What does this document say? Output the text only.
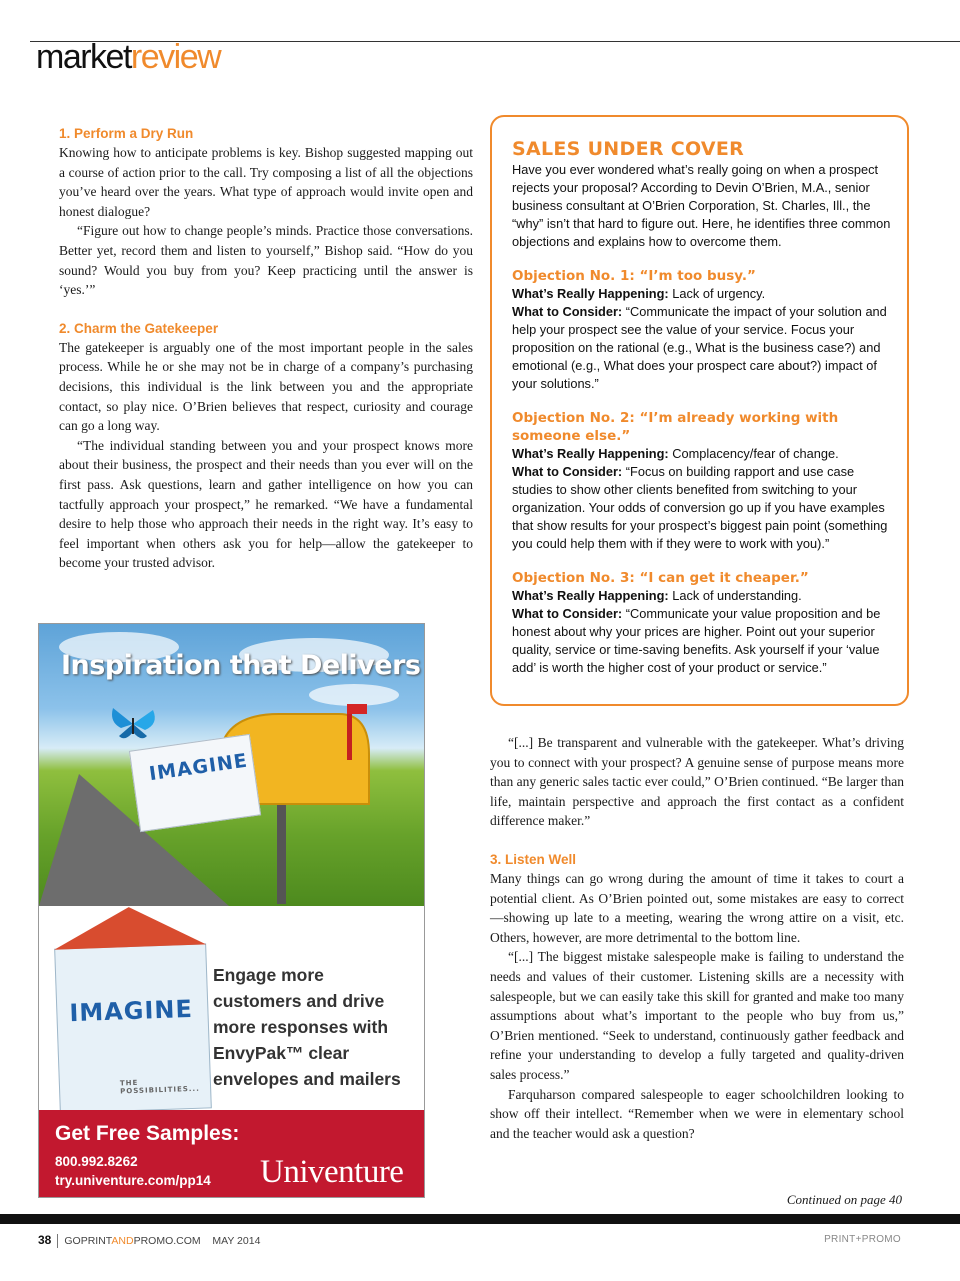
marketreview
1. Perform a Dry Run

Knowing how to anticipate problems is key. Bishop suggested mapping out a course of action prior to the call. Try composing a list of all the objections you’ve heard over the years. What type of approach would invite open and honest dialogue?

“Figure out how to change people’s minds. Practice those conversations. Better yet, record them and listen to yourself,” Bishop said. “How do you sound? Would you buy from you? Keep practicing until the answer is ‘yes.’”

2. Charm the Gatekeeper

The gatekeeper is arguably one of the most important people in the sales process. While he or she may not be in charge of a company’s purchasing decisions, this individual is the link between you and the appropriate contact, so play nice. O’Brien believes that respect, curiosity and courage can go a long way.

“The individual standing between you and your prospect knows more about their business, the prospect and their needs than you ever will on the first pass. Ask questions, learn and gather intelligence on how you can tactfully approach your prospect,” he remarked. “We have a fundamental desire to help those who approach their needs in the right way. It’s easy to feel important when others ask you for help—allow the gatekeeper to become your trusted advisor.

SALES UNDER COVER

Have you ever wondered what’s really going on when a prospect rejects your proposal? According to Devin O’Brien, M.A., senior business consultant at O’Brien Corporation, St. Charles, Ill., the “why” isn’t that hard to figure out. Here, he identifies three common objections and explains how to overcome them.

Objection No. 1: “I’m too busy.”

What’s Really Happening: Lack of urgency.

What to Consider: “Communicate the impact of your solution and help your prospect see the value of your service. Focus your proposition on the rational (e.g., What is the business case?) and emotional (e.g., What does your prospect care about?) impact of your solutions.”

Objection No. 2: “I’m already working with someone else.”

What’s Really Happening: Complacency/fear of change.

What to Consider: “Focus on building rapport and use case studies to show other clients benefited from switching to your organization. Your odds of conversion go up if you have examples that show results for your prospect’s biggest pain point (something you could help them with if they were to work with you).”

Objection No. 3: “I can get it cheaper.”

What’s Really Happening: Lack of understanding.

What to Consider: “Communicate your value proposition and be honest about why your prices are higher. Point out your superior quality, service or time-saving benefits. Ask yourself if your ‘value add’ is worth the higher cost of your product or service.”

Inspiration that Delivers
IMAGINE
IMAGINE
THE POSSIBILITIES...
Engage more customers and drive more responses with EnvyPak™ clear envelopes and mailers
Get Free Samples:
800.992.8262
try.univenture.com/pp14 Univenture

“[...] Be transparent and vulnerable with the gatekeeper. What’s driving you to connect with your prospect? A genuine sense of purpose means more than any generic sales tactic ever could,” O’Brien continued. “Be larger than life, maintain perspective and approach the first contact as a confident difference maker.”

3. Listen Well

Many things can go wrong during the amount of time it takes to court a potential client. As O’Brien pointed out, some mistakes are easy to correct—showing up late to a meeting, wearing the wrong attire on a visit, etc. Others, however, are more detrimental to the bottom line.

“[...] The biggest mistake salespeople make is failing to understand the needs and values of their customer. Listening skills are a necessity with salespeople, but we can easily take this skill for granted and make too many assumptions about what’s important to the people who buy from us,” O’Brien mentioned. “Seek to understand, continuously gather feedback and refine your understanding to develop a fully targeted and quality-driven sales process.”

Farquharson compared salespeople to eager schoolchildren looking to show off their intellect. “Remember when we were in elementary school and the teacher would ask a question?

Continued on page 40
38 GOPRINTANDPROMO.COM MAY 2014	PRINT+PROMO
